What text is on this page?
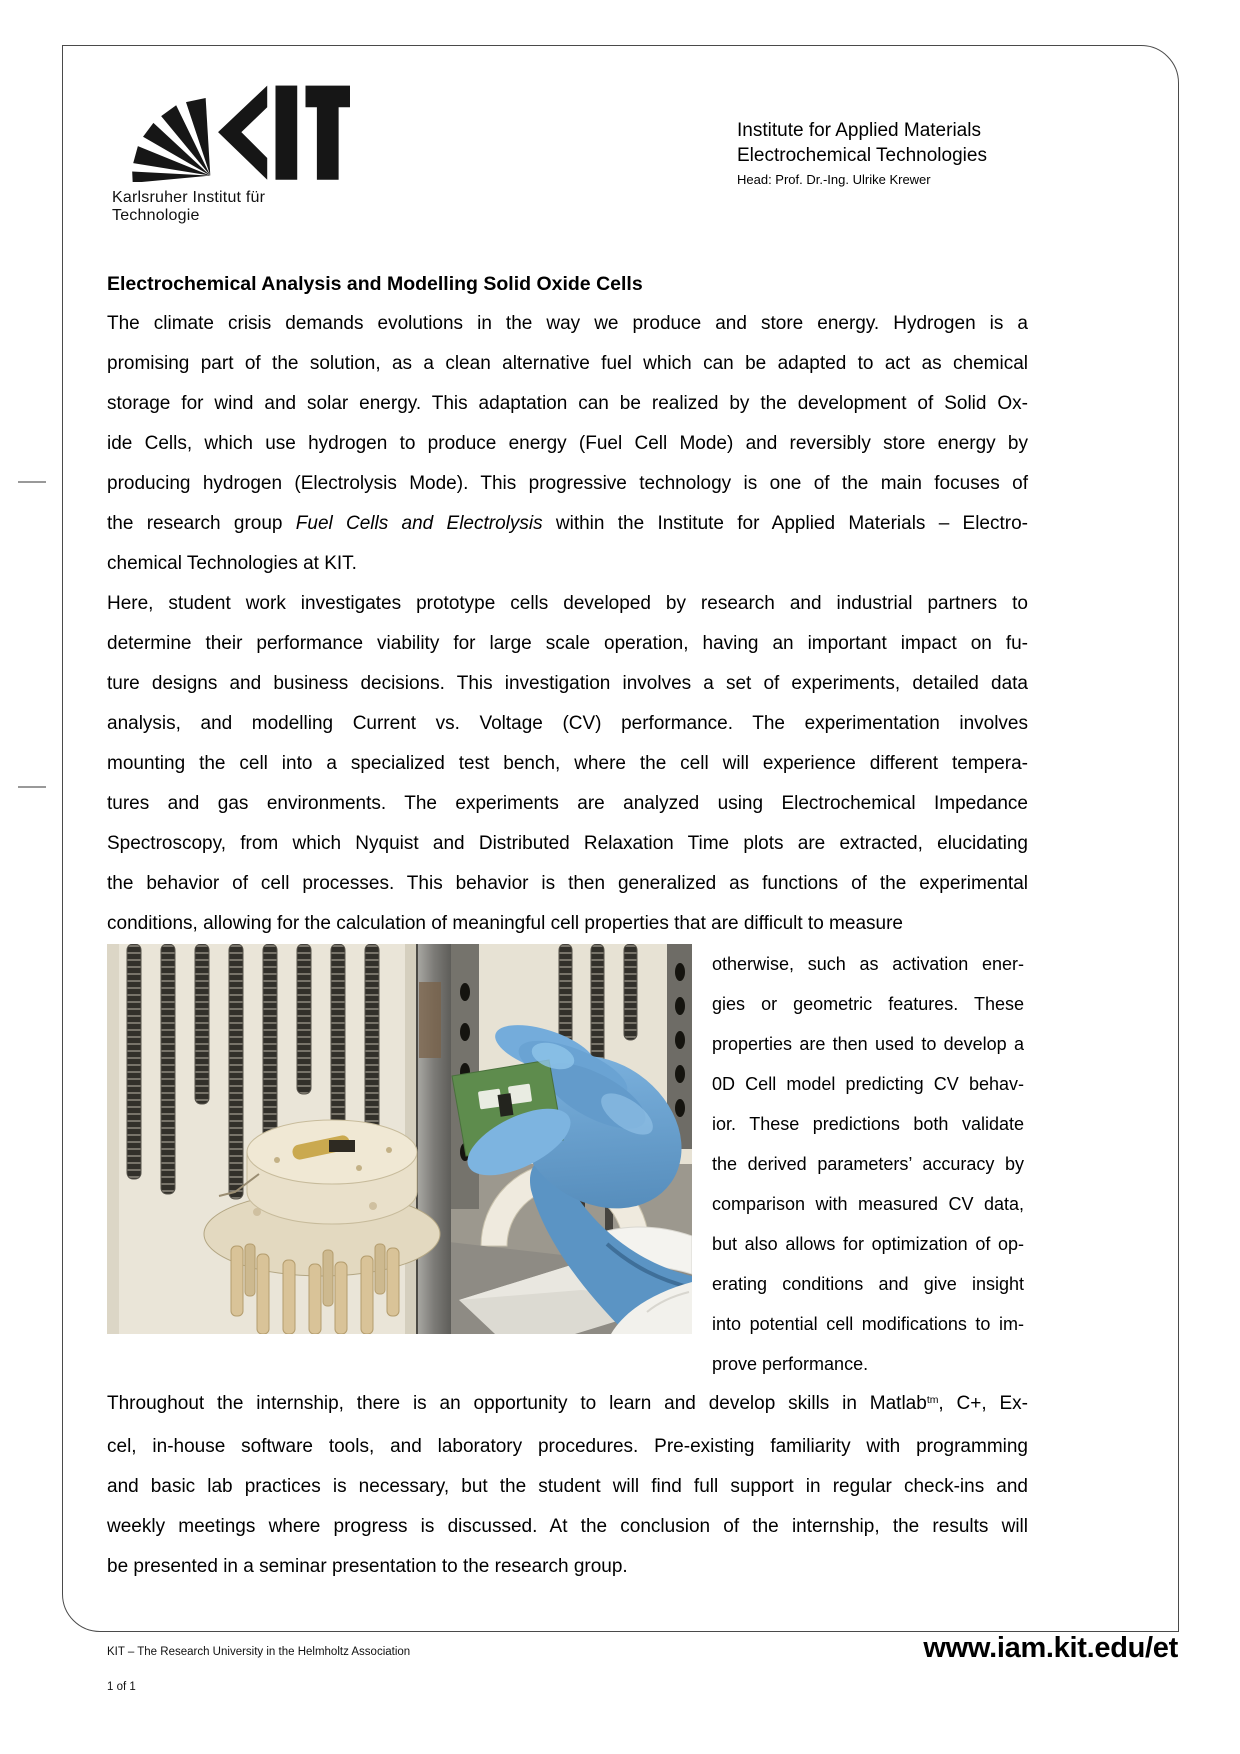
Karlsruher Institut für Technologie
Institute for Applied Materials
Electrochemical Technologies
Head: Prof. Dr.-Ing. Ulrike Krewer
Electrochemical Analysis and Modelling Solid Oxide Cells
The climate crisis demands evolutions in the way we produce and store energy. Hydrogen is a
promising part of the solution, as a clean alternative fuel which can be adapted to act as chemical
storage for wind and solar energy. This adaptation can be realized by the development of Solid Ox-
ide Cells, which use hydrogen to produce energy (Fuel Cell Mode) and reversibly store energy by
producing hydrogen (Electrolysis Mode). This progressive technology is one of the main focuses of
the research group Fuel Cells and Electrolysis within the Institute for Applied Materials – Electro-
chemical Technologies at KIT.
Here, student work investigates prototype cells developed by research and industrial partners to
determine their performance viability for large scale operation, having an important impact on fu-
ture designs and business decisions. This investigation involves a set of experiments, detailed data
analysis, and modelling Current vs. Voltage (CV) performance. The experimentation involves
mounting the cell into a specialized test bench, where the cell will experience different tempera-
tures and gas environments. The experiments are analyzed using Electrochemical Impedance
Spectroscopy, from which Nyquist and Distributed Relaxation Time plots are extracted, elucidating
the behavior of cell processes. This behavior is then generalized as functions of the experimental
conditions, allowing for the calculation of meaningful cell properties that are difficult to measure
otherwise, such as activation ener-
gies or geometric features. These
properties are then used to develop a
0D Cell model predicting CV behav-
ior. These predictions both validate
the derived parameters’ accuracy by
comparison with measured CV data,
but also allows for optimization of op-
erating conditions and give insight
into potential cell modifications to im-
prove performance.
Throughout the internship, there is an opportunity to learn and develop skills in Matlab$^{tm}$, C+, Ex-
cel, in-house software tools, and laboratory procedures. Pre-existing familiarity with programming
and basic lab practices is necessary, but the student will find full support in regular check-ins and
weekly meetings where progress is discussed. At the conclusion of the internship, the results will
be presented in a seminar presentation to the research group.
KIT – The Research University in the Helmholtz Association
1 of 1
www.iam.kit.edu/et
